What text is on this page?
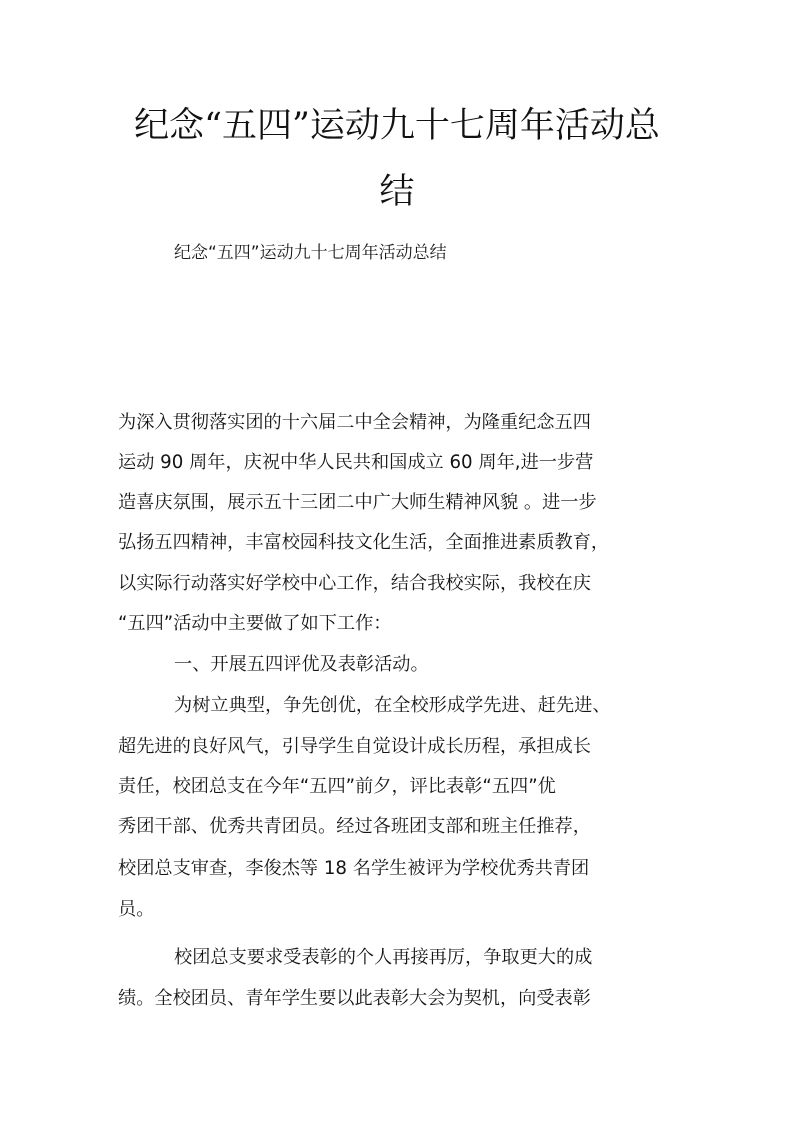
纪念“五四”运动九十七周年活动总
结
纪念“五四”运动九十七周年活动总结
为深入贯彻落实团的十六届二中全会精神，为隆重纪念五四
运动 90 周年，庆祝中华人民共和国成立 60 周年,进一步营
造喜庆氛围，展示五十三团二中广大师生精神风貌 。进一步
弘扬五四精神，丰富校园科技文化生活，全面推进素质教育，
以实际行动落实好学校中心工作，结合我校实际，我校在庆
“五四”活动中主要做了如下工作：
一、开展五四评优及表彰活动。
为树立典型，争先创优，在全校形成学先进、赶先进、
超先进的良好风气，引导学生自觉设计成长历程，承担成长
责任，校团总支在今年“五四”前夕，评比表彰“五四”优
秀团干部、优秀共青团员。经过各班团支部和班主任推荐，
校团总支审查，李俊杰等 18 名学生被评为学校优秀共青团
员。
校团总支要求受表彰的个人再接再厉，争取更大的成
绩。全校团员、青年学生要以此表彰大会为契机，向受表彰
